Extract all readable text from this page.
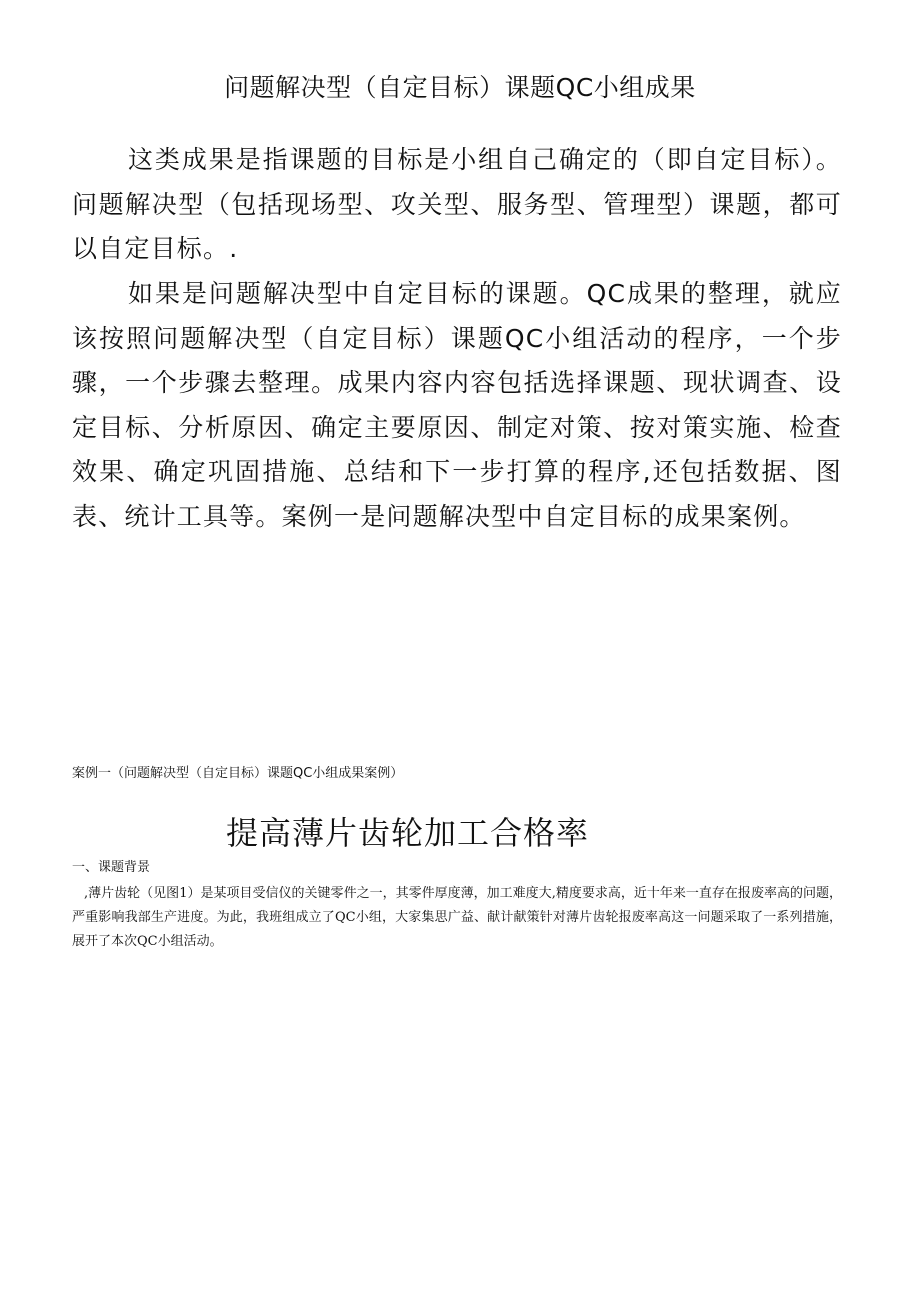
问题解决型（自定目标）课题QC小组成果

这类成果是指课题的目标是小组自己确定的（即自定目标）。问题解决型（包括现场型、攻关型、服务型、管理型）课题，都可以自定目标。.

如果是问题解决型中自定目标的课题。QC成果的整理，就应该按照问题解决型（自定目标）课题QC小组活动的程序，一个步骤，一个步骤去整理。成果内容内容包括选择课题、现状调查、设定目标、分析原因、确定主要原因、制定对策、按对策实施、检查效果、确定巩固措施、总结和下一步打算的程序,还包括数据、图表、统计工具等。案例一是问题解决型中自定目标的成果案例。

案例一（问题解决型（自定目标）课题QC小组成果案例）
提高薄片齿轮加工合格率
一、课题背景

,薄片齿轮（见图1）是某项目受信仪的关键零件之一，其零件厚度薄，加工难度大,精度要求高，近十年来一直存在报废率高的问题，严重影响我部生产进度。为此，我班组成立了QC小组，大家集思广益、献计献策针对薄片齿轮报废率高这一问题采取了一系列措施，展开了本次QC小组活动。
